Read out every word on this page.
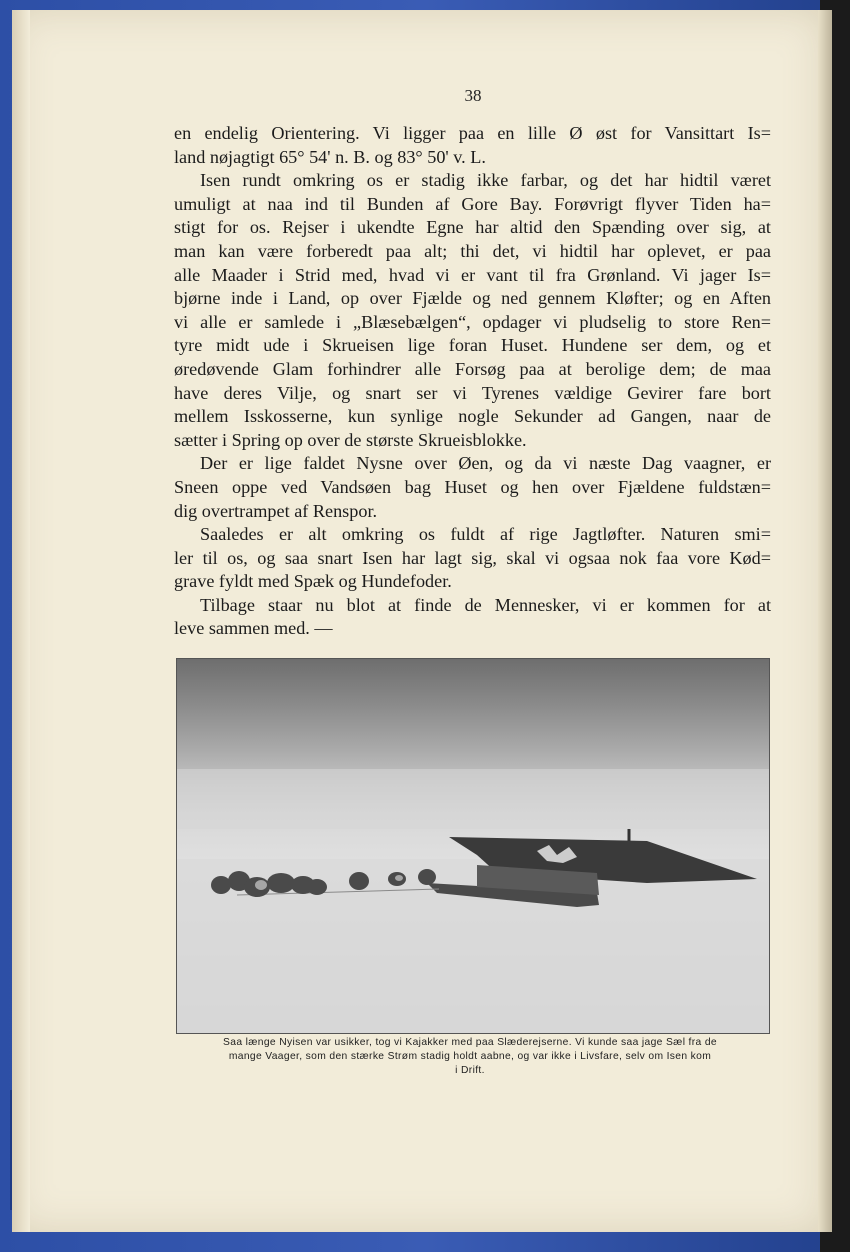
38

en endelig Orientering. Vi ligger paa en lille Ø øst for Vansittart Is=
land nøjagtigt 65° 54' n. B. og 83° 50' v. L.

Isen rundt omkring os er stadig ikke farbar, og det har hidtil været
umuligt at naa ind til Bunden af Gore Bay. Forøvrigt flyver Tiden ha=
stigt for os. Rejser i ukendte Egne har altid den Spænding over sig, at
man kan være forberedt paa alt; thi det, vi hidtil har oplevet, er paa
alle Maader i Strid med, hvad vi er vant til fra Grønland. Vi jager Is=
bjørne inde i Land, op over Fjælde og ned gennem Kløfter; og en Aften
vi alle er samlede i „Blæsebælgen“, opdager vi pludselig to store Ren=
tyre midt ude i Skrueisen lige foran Huset. Hundene ser dem, og et
øredøvende Glam forhindrer alle Forsøg paa at berolige dem; de maa
have deres Vilje, og snart ser vi Tyrenes vældige Gevirer fare bort
mellem Isskosserne, kun synlige nogle Sekunder ad Gangen, naar de
sætter i Spring op over de største Skrueisblokke.

Der er lige faldet Nysne over Øen, og da vi næste Dag vaagner, er
Sneen oppe ved Vandsøen bag Huset og hen over Fjældene fuldstæn=
dig overtrampet af Renspor.

Saaledes er alt omkring os fuldt af rige Jagtløfter. Naturen smi=
ler til os, og saa snart Isen har lagt sig, skal vi ogsaa nok faa vore Kød=
grave fyldt med Spæk og Hundefoder.

Tilbage staar nu blot at finde de Mennesker, vi er kommen for at
leve sammen med. —

Saa længe Nyisen var usikker, tog vi Kajakker med paa Slæderejserne. Vi kunde saa jage Sæl fra de
mange Vaager, som den stærke Strøm stadig holdt aabne, og var ikke i Livsfare, selv om Isen kom
i Drift.
